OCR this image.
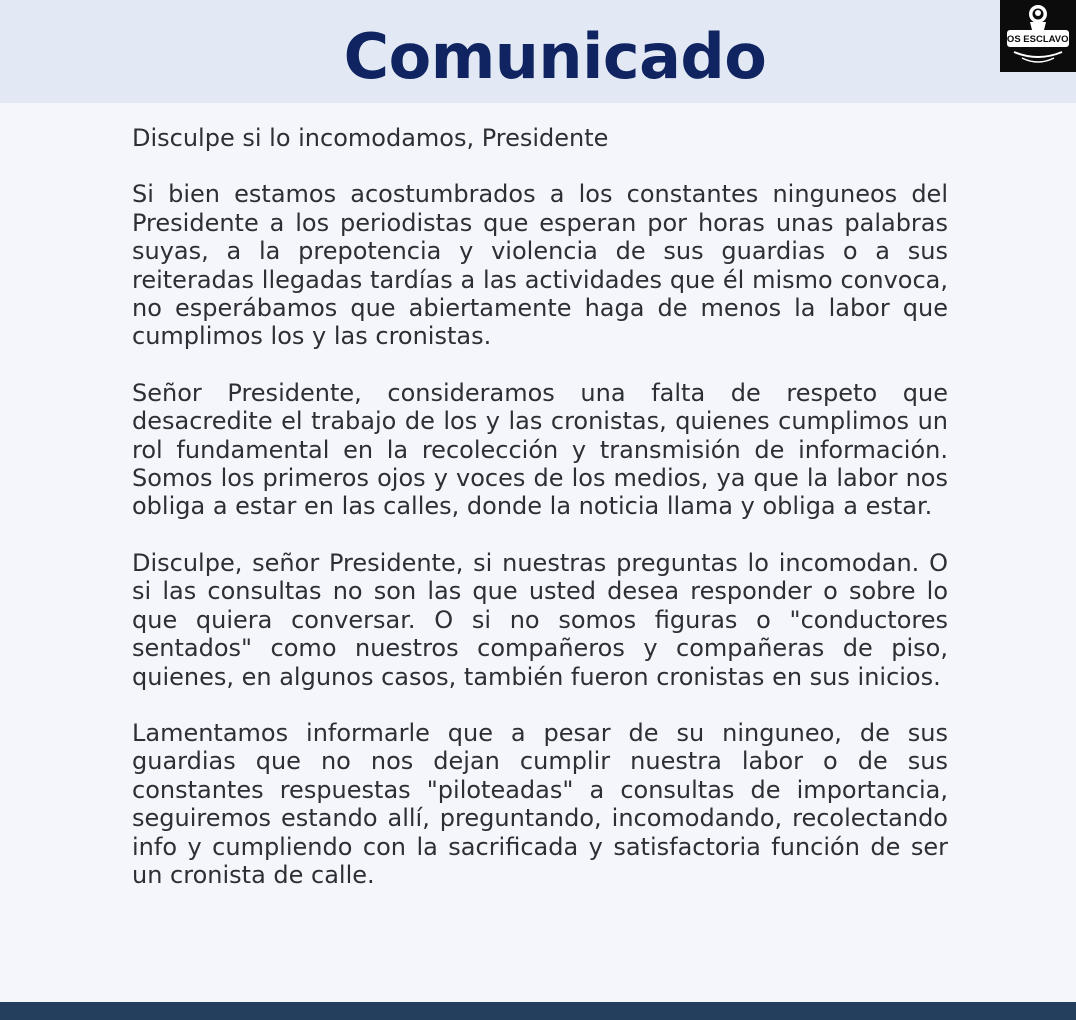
Comunicado	LOS ESCLAVOS

Disculpe si lo incomodamos, Presidente

Si bien estamos acostumbrados a los constantes ninguneos del Presidente a los periodistas que esperan por horas unas palabras suyas, a la prepotencia y violencia de sus guardias o a sus reiteradas llegadas tardías a las actividades que él mismo convoca, no esperábamos que abiertamente haga de menos la labor que cumplimos los y las cronistas.

Señor Presidente, consideramos una falta de respeto que desacredite el trabajo de los y las cronistas, quienes cumplimos un rol fundamental en la recolección y transmisión de información. Somos los primeros ojos y voces de los medios, ya que la labor nos obliga a estar en las calles, donde la noticia llama y obliga a estar.

Disculpe, señor Presidente, si nuestras preguntas lo incomodan. O si las consultas no son las que usted desea responder o sobre lo que quiera conversar. O si no somos figuras o "conductores sentados" como nuestros compañeros y compañeras de piso, quienes, en algunos casos, también fueron cronistas en sus inicios.

Lamentamos informarle que a pesar de su ninguneo, de sus guardias que no nos dejan cumplir nuestra labor o de sus constantes respuestas "piloteadas" a consultas de importancia, seguiremos estando allí, preguntando, incomodando, recolectando info y cumpliendo con la sacrificada y satisfactoria función de ser un cronista de calle.
